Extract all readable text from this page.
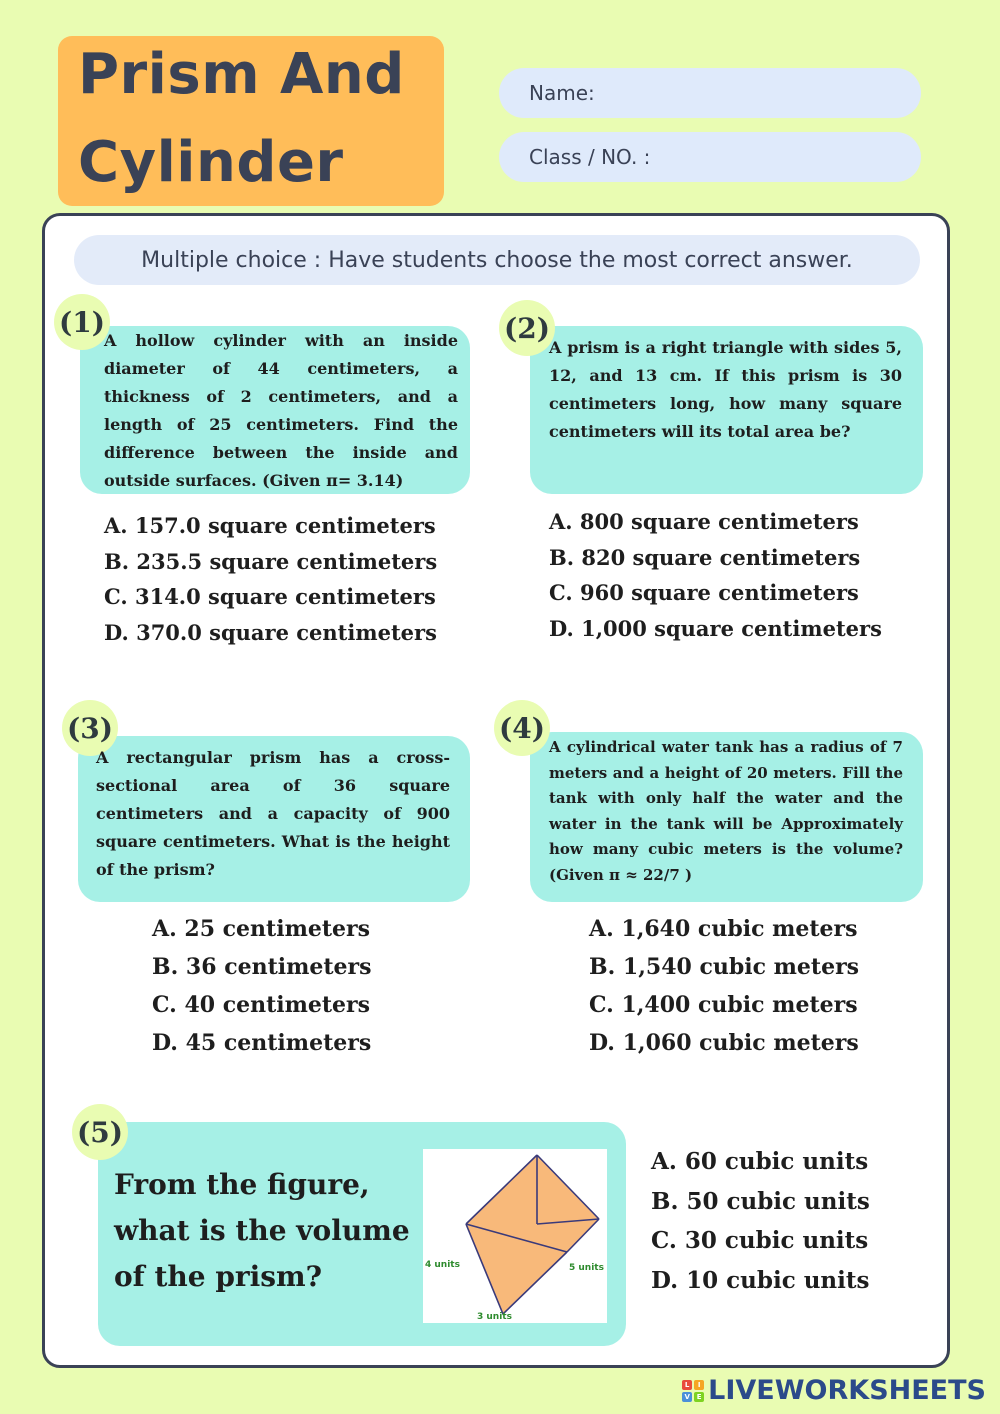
Prism And
Cylinder
Name:
Class / NO. :
Multiple choice : Have students choose the most correct answer.
(1)
A hollow cylinder with an inside diameter of 44 centimeters, a thickness of 2 centimeters, and a length of 25 centimeters. Find the difference between the inside and outside surfaces. (Given π= 3.14)
A. 157.0 square centimeters
B. 235.5 square centimeters
C. 314.0 square centimeters
D. 370.0 square centimeters
(2)
A prism is a right triangle with sides 5, 12, and 13 cm. If this prism is 30 centimeters long, how many square centimeters will its total area be?
A. 800 square centimeters
B. 820 square centimeters
C. 960 square centimeters
D. 1,000 square centimeters
(3)
A rectangular prism has a cross-sectional area of 36 square centimeters and a capacity of 900 square centimeters. What is the height of the prism?
A. 25 centimeters
B. 36 centimeters
C. 40 centimeters
D. 45 centimeters
(4)
A cylindrical water tank has a radius of 7 meters and a height of 20 meters. Fill the tank with only half the water and the water in the tank will be Approximately how many cubic meters is the volume? (Given π ≈ 22/7 )
A. 1,640 cubic meters
B. 1,540 cubic meters
C. 1,400 cubic meters
D. 1,060 cubic meters
(5)
From the figure, what is the volume of the prism?	4 units	5 units
3 units
A. 60 cubic units
B. 50 cubic units
C. 30 cubic units
D. 10 cubic units
L	I
V E LIVEWORKSHEETS
